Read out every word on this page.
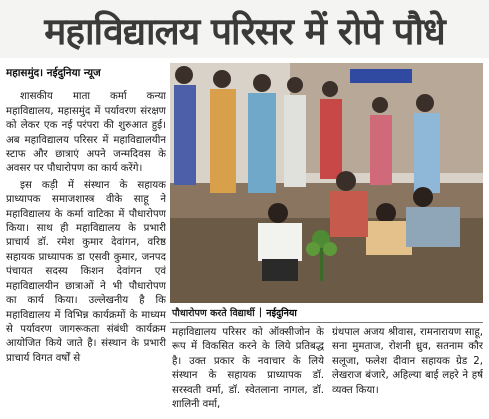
महाविद्यालय परिसर में रोपे पौधे
महासमुंद। नईदुनिया न्यूज

शासकीय माता कर्मा कन्या महाविद्यालय, महासमुंद में पर्यावरण संरक्षण को लेकर एक नई परंपरा की शुरुआत हुई। अब महाविद्यालय परिसर में महाविद्यालयीन स्टाफ और छात्राएं अपने जन्मदिवस के अवसर पर पौधारोपण का कार्य करेंगे।

इस कड़ी में संस्थान के सहायक प्राध्यापक समाजशास्त्र वीके साहू ने महाविद्यालय के कर्मा वाटिका में पौधारोपण किया। साथ ही महाविद्यालय के प्रभारी प्राचार्य डॉ. रमेश कुमार देवांगन, वरिष्ठ सहायक प्राध्यापक डा एसवी कुमार, जनपद पंचायत सदस्य किशन देवांगन एवं महाविद्यालयीन छात्राओं ने भी पौधारोपण का कार्य किया। उल्लेखनीय है कि महाविद्यालय में विभिन्न कार्यक्रमों के माध्यम से पर्यावरण जागरूकता संबंधी कार्यक्रम आयोजित किये जाते है। संस्थान के प्रभारी प्राचार्य विगत वर्षों से

पौधारोपण करते विद्यार्थी | नईदुनिया
महाविद्यालय परिसर को ऑक्सीजोन के रूप में विकसित करने के लिये प्रतिबद्ध है। उक्त प्रकार के नवाचार के लिये संस्थान के सहायक प्राध्यापक डॉ. सरस्वती वर्मा, डॉ. स्वेतलाना नागल, डॉ. शालिनी वर्मा,
ग्रंथपाल अजय श्रीवास, रामनारायण साहू, सना मुमताज, रोशनी ध्रुव, सतनाम कौर सलूजा, फलेश दीवान सहायक ग्रेड 2, लेखराज बंजारे, अहिल्या बाई लहरे ने हर्ष व्यक्त किया।
